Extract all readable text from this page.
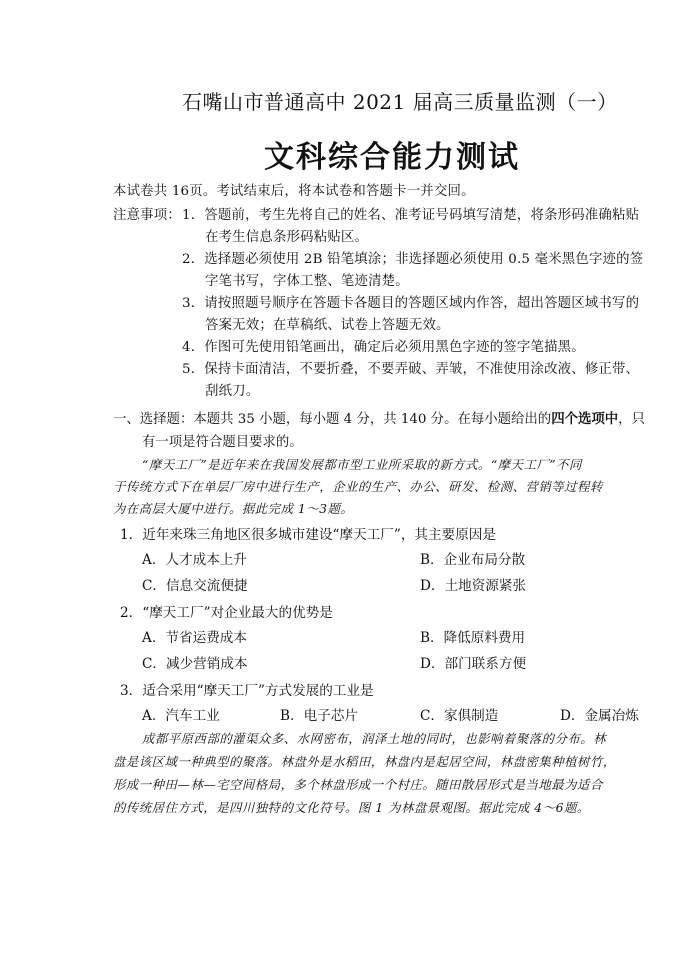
石嘴山市普通高中 2021 届高三质量监测（一）
文科综合能力测试
本试卷共 16页。考试结束后，将本试卷和答题卡一并交回。
注意事项： 1．答题前，考生先将自己的姓名、准考证号码填写清楚，将条形码准确粘贴
在考生信息条形码粘贴区。
2．选择题必须使用 2B 铅笔填涂；非选择题必须使用 0.5 毫米黑色字迹的签
字笔书写，字体工整、笔迹清楚。
3．请按照题号顺序在答题卡各题目的答题区域内作答，超出答题区域书写的
答案无效；在草稿纸、试卷上答题无效。
4．作图可先使用铅笔画出，确定后必须用黑色字迹的签字笔描黑。
5．保持卡面清洁，不要折叠，不要弄破、弄皱，不准使用涂改液、修正带、
刮纸刀。
一、选择题：本题共 35 小题，每小题 4 分，共 140 分。在每小题给出的四个选项中，只
有一项是符合题目要求的。
“摩天工厂”是近年来在我国发展都市型工业所采取的新方式。“摩天工厂”不同
于传统方式下在单层厂房中进行生产，企业的生产、办公、研发、检测、营销等过程转
为在高层大厦中进行。据此完成 1～3题。
1．近年来珠三角地区很多城市建设“摩天工厂”，其主要原因是
A．人才成本上升	B．企业布局分散
C．信息交流便捷	D．土地资源紧张
2．“摩天工厂”对企业最大的优势是
A．节省运费成本	B．降低原料费用
C．减少营销成本	D．部门联系方便
3．适合采用“摩天工厂”方式发展的工业是
A．汽车工业	B．电子芯片	C．家俱制造	D．金属冶炼
成都平原西部的灌渠众多、水网密布，润泽土地的同时，也影响着聚落的分布。林
盘是该区域一种典型的聚落。林盘外是水稻田，林盘内是起居空间，林盘密集种植树竹，
形成一种田—林—宅空间格局，多个林盘形成一个村庄。随田散居形式是当地最为适合
的传统居住方式，是四川独特的文化符号。图 1 为林盘景观图。据此完成 4～6题。
